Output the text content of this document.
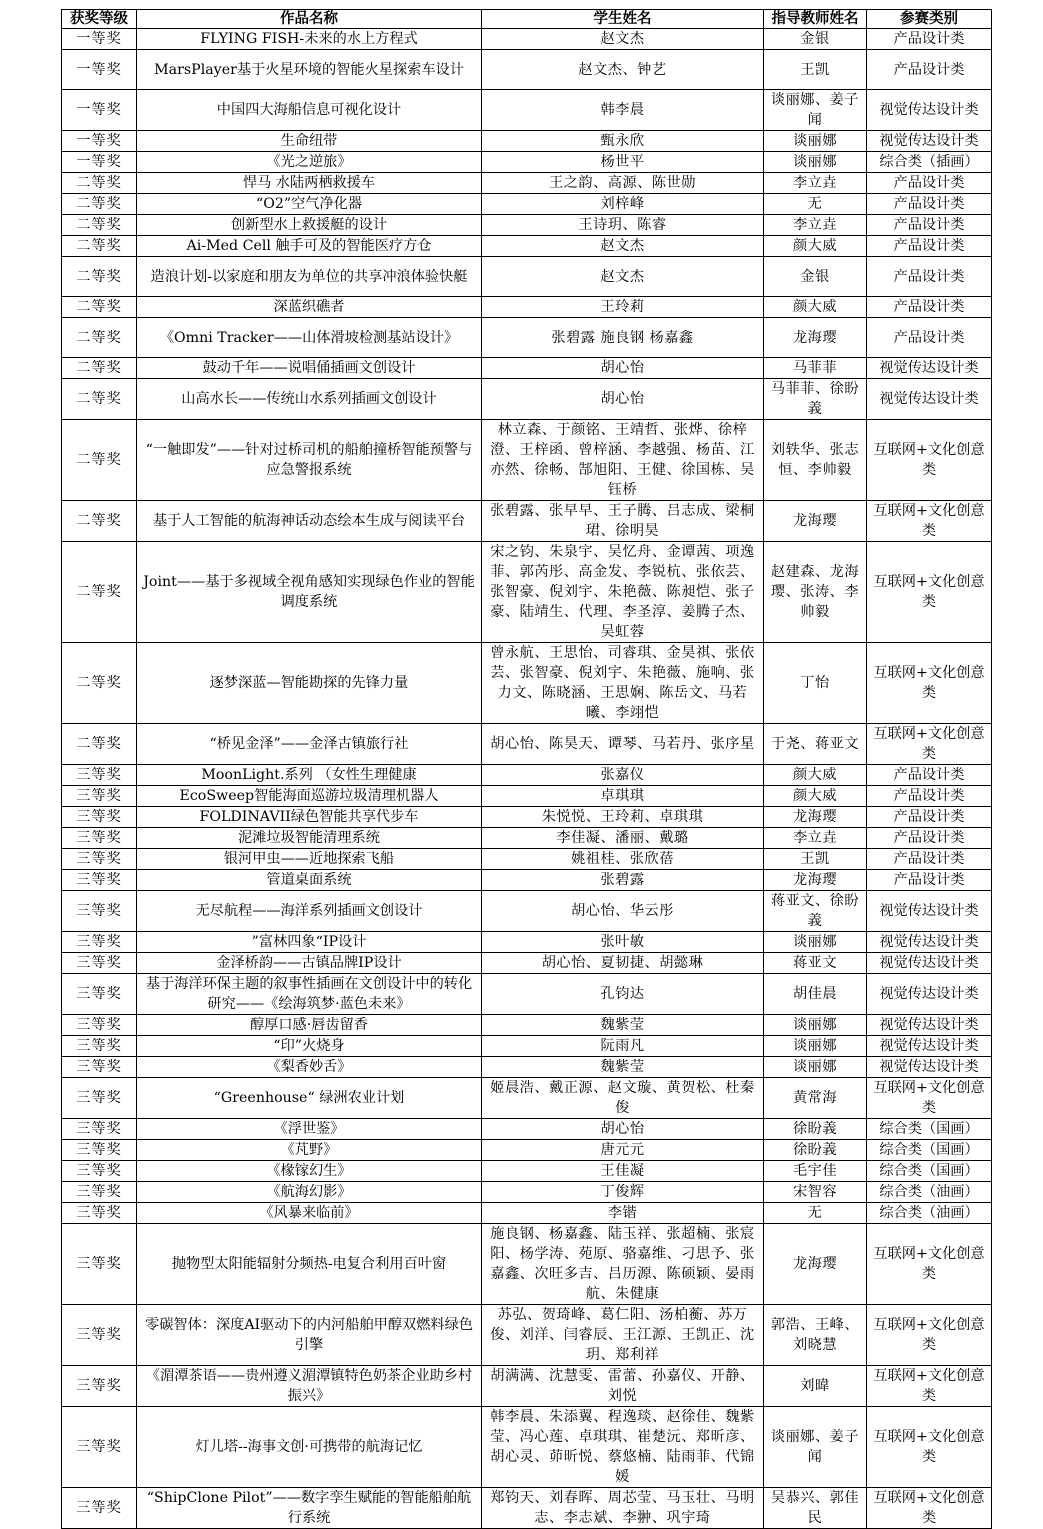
获奖等级	作品名称	学生姓名	指导教师姓名	参赛类别
一等奖	FLYING FISH-未来的水上方程式	赵文杰	金银	产品设计类
一等奖	MarsPlayer基于火星环境的智能火星探索车设计	赵文杰、钟艺	王凯	产品设计类
一等奖	中国四大海船信息可视化设计	韩李晨	谈丽娜、姜子闻	视觉传达设计类
一等奖	生命纽带	甄永欣	谈丽娜	视觉传达设计类
一等奖	《光之逆旅》	杨世平	谈丽娜	综合类（插画）
二等奖	悍马 水陆两栖救援车	王之韵、高源、陈世勋	李立垚	产品设计类
二等奖	“O2”空气净化器	刘梓峰	无	产品设计类
二等奖	创新型水上救援艇的设计	王诗玥、陈睿	李立垚	产品设计类
二等奖	Ai-Med Cell 触手可及的智能医疗方仓	赵文杰	颜大威	产品设计类
二等奖	造浪计划-以家庭和朋友为单位的共享冲浪体验快艇	赵文杰	金银	产品设计类
二等奖	深蓝织礁者	王玲莉	颜大威	产品设计类
二等奖	《Omni Tracker——山体滑坡检测基站设计》	张碧露 施良钢 杨嘉鑫	龙海璎	产品设计类
二等奖	鼓动千年——说唱俑插画文创设计	胡心怡	马菲菲	视觉传达设计类
二等奖	山高水长——传统山水系列插画文创设计	胡心怡	马菲菲、徐盼義	视觉传达设计类
二等奖	“一触即发”——针对过桥司机的船舶撞桥智能预警与应急警报系统	林立森、于颜铭、王靖哲、张烨、徐梓澄、王梓函、曾梓涵、李越强、杨苗、江亦然、徐畅、郜旭阳、王健、徐国栋、吴钰桥	刘轶华、张志恒、李帅毅	互联网+文化创意类
二等奖	基于人工智能的航海神话动态绘本生成与阅读平台	张碧露、张早早、王子腾、吕志成、梁桐珺、徐明昊	龙海璎	互联网+文化创意类
二等奖	Joint——基于多视域全视角感知实现绿色作业的智能调度系统	宋之钧、朱泉宇、吴忆舟、金谭茜、项逸菲、郭芮彤、高金发、李锐杭、张依芸、张智豪、倪刘宇、朱艳薇、陈昶恺、张子豪、陆靖生、代理、李圣淳、姜腾子杰、吴虹蓉	赵建森、龙海璎、张涛、李帅毅	互联网+文化创意类
二等奖	逐梦深蓝—智能勘探的先锋力量	曾永航、王思怡、司睿琪、金昊祺、张依芸、张智豪、倪刘宇、朱艳薇、施响、张力文、陈晓涵、王思娴、陈岳文、马若曦、李翊恺	丁怡	互联网+文化创意类
二等奖	“桥见金泽”——金泽古镇旅行社	胡心怡、陈昊天、谭琴、马若丹、张序星	于尧、蒋亚文	互联网+文化创意类
三等奖	MoonLight.系列 （女性生理健康	张嘉仪	颜大威	产品设计类
三等奖	EcoSweep智能海面巡游垃圾清理机器人	卓琪琪	颜大威	产品设计类
三等奖	FOLDINAVII绿色智能共享代步车	朱悦悦、王玲莉、卓琪琪	龙海璎	产品设计类
三等奖	泥滩垃圾智能清理系统	李佳凝、潘丽、戴璐	李立垚	产品设计类
三等奖	银河甲虫——近地探索飞船	姚祖桂、张欣蓓	王凯	产品设计类
三等奖	管道桌面系统	张碧露	龙海璎	产品设计类
三等奖	无尽航程——海洋系列插画文创设计	胡心怡、华云彤	蒋亚文、徐盼義	视觉传达设计类
三等奖	”富林四象“IP设计	张叶敏	谈丽娜	视觉传达设计类
三等奖	金泽桥韵——古镇品牌IP设计	胡心怡、夏韧捷、胡懿琳	蒋亚文	视觉传达设计类
三等奖	基于海洋环保主题的叙事性插画在文创设计中的转化研究——《绘海筑梦·蓝色未来》	孔钧达	胡佳晨	视觉传达设计类
三等奖	醇厚口感·唇齿留香	魏紫莹	谈丽娜	视觉传达设计类
三等奖	“印”火烧身	阮雨凡	谈丽娜	视觉传达设计类
三等奖	《梨香妙舌》	魏紫莹	谈丽娜	视觉传达设计类
三等奖	“Greenhouse“ 绿洲农业计划	姬晨浩、戴正源、赵文璇、黄贺松、杜秦俊	黄常海	互联网+文化创意类
三等奖	《浮世鉴》	胡心怡	徐盼義	综合类（国画）
三等奖	《芃野》	唐元元	徐盼義	综合类（国画）
三等奖	《椽镓幻生》	王佳凝	毛宇佳	综合类（国画）
三等奖	《航海幻影》	丁俊辉	宋智容	综合类（油画）
三等奖	《风暴来临前》	李锴	无	综合类（油画）
三等奖	抛物型太阳能辐射分频热-电复合利用百叶窗	施良钢、杨嘉鑫、陆玉祥、张超楠、张宸阳、杨学涛、苑原、骆嘉维、刁思予、张嘉鑫、次旺多吉、吕历源、陈硕颖、晏雨航、朱健康	龙海璎	互联网+文化创意类
三等奖	零碳智体：深度AI驱动下的内河船舶甲醇双燃料绿色引擎	苏弘、贺琦峰、葛仁阳、汤柏蘅、苏万俊、刘洋、闫睿辰、王江源、王凯正、沈玥、郑利祥	郭浩、王峰、刘晓慧	互联网+文化创意类
三等奖	《湄潭茶语——贵州遵义湄潭镇特色奶茶企业助乡村振兴》	胡满满、沈慧雯、雷蕾、孙嘉仪、开静、刘悦	刘暐	互联网+文化创意类
三等奖	灯儿塔--海事文创·可携带的航海记忆	韩李晨、朱添翼、程逸琰、赵徐佳、魏紫莹、冯心莲、卓琪琪、崔楚沅、郑昕彦、胡心灵、茆昕悦、蔡悠楠、陆雨菲、代锦媛	谈丽娜、姜子闻	互联网+文化创意类
三等奖	“ShipClone Pilot”——数字孪生赋能的智能船舶航行系统	郑钧天、刘春晖、周芯莹、马玉壮、马明志、李志斌、李翀、巩宇琦	吴恭兴、郭佳民	互联网+文化创意类
